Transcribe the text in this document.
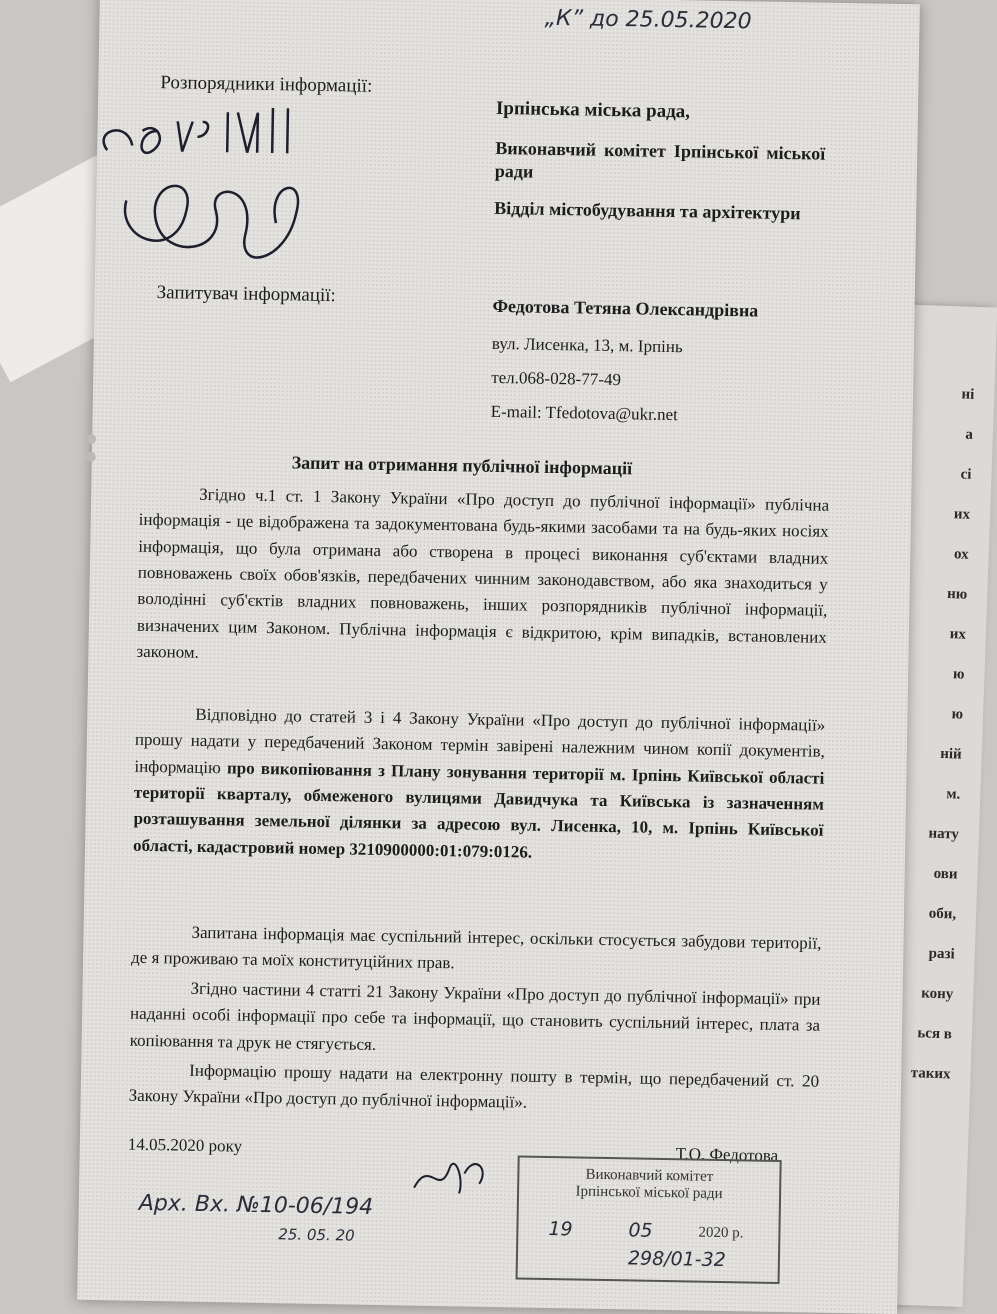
ні
а
сі
их
ох
ню
их
ю
ю
ній
м.
нату
ови
оби,
разі
кону
ься в
таких
„К” до 25.05.2020
Розпорядники інформації:
Запитувач інформації:
Ірпінська міська рада,
Виконавчий комітет Ірпінської міської ради
Відділ містобудування та архітектури
Федотова Тетяна Олександрівна
вул. Лисенка, 13, м. Ірпінь
тел.068-028-77-49
E-mail: Tfedotova@ukr.net
Запит на отримання публічної інформації
Згідно ч.1 ст. 1 Закону України «Про доступ до публічної інформації» публічна інформація - це відображена та задокументована будь-якими засобами та на будь-яких носіях інформація, що була отримана або створена в процесі виконання суб'єктами владних повноважень своїх обов'язків, передбачених чинним законодавством, або яка знаходиться у володінні суб'єктів владних повноважень, інших розпорядників публічної інформації, визначених цим Законом. Публічна інформація є відкритою, крім випадків, встановлених законом.
Відповідно до статей 3 і 4 Закону України «Про доступ до публічної інформації» прошу надати у передбачений Законом термін завірені належним чином копії документів, інформацію про викопіювання з Плану зонування території м. Ірпінь Київської області території кварталу, обмеженого вулицями Давидчука та Київська із зазначенням розташування земельної ділянки за адресою вул. Лисенка, 10, м. Ірпінь Київської області, кадастровий номер 3210900000:01:079:0126.
Запитана інформація має суспільний інтерес, оскільки стосується забудови території, де я проживаю та моїх конституційних прав.
Згідно частини 4 статті 21 Закону України «Про доступ до публічної інформації» при наданні особі інформації про себе та інформації, що становить суспільний інтерес, плата за копіювання та друк не стягується.
Інформацію прошу надати на електронну пошту в термін, що передбачений ст. 20 Закону України «Про доступ до публічної інформації».
14.05.2020 року	Т.О. Федотова
Арх. Вх. №10-06/194
25. 05. 20
Виконавчий комітет
Ірпінської міської ради
19	05	2020 р.
298/01-32
